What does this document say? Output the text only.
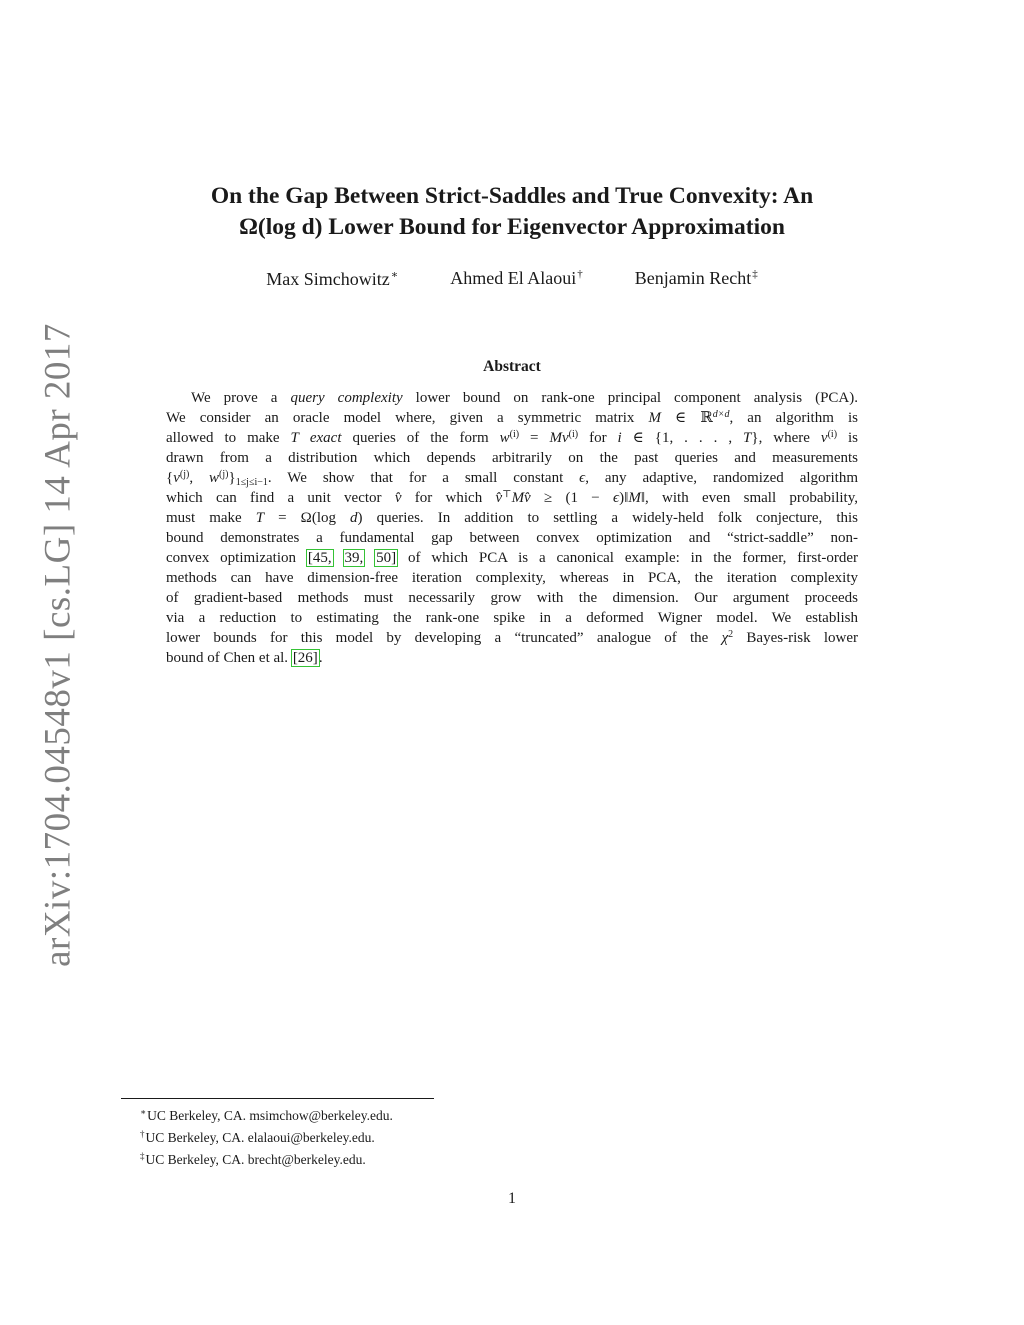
arXiv:1704.04548v1 [cs.LG] 14 Apr 2017
On the Gap Between Strict-Saddles and True Convexity: An
Ω(log d) Lower Bound for Eigenvector Approximation
Max Simchowitz∗	Ahmed El Alaoui†	Benjamin Recht‡
Abstract
We prove a query complexity lower bound on rank-one principal component analysis (PCA).
We consider an oracle model where, given a symmetric matrix M ∈ ℝ$^{d\times d}$, an algorithm is
allowed to make T exact queries of the form $w^{(i)} = Mv^{(i)}$ for i ∈ {1, . . . , T}, where $v^{(i)}$ is
drawn from a distribution which depends arbitrarily on the past queries and measurements
{$v^{(j)}$, $w^{(j)}\}_{1\le j\le i-1}$. We show that for a small constant ϵ, any adaptive, randomized algorithm
which can find a unit vector v̂ for which v̂⊤Mv̂ ≥ (1 − ϵ)‖M‖, with even small probability,
must make T = Ω(log d) queries. In addition to settling a widely-held folk conjecture, this
bound demonstrates a fundamental gap between convex optimization and “strict-saddle” non-
convex optimization [45, 39, 50] of which PCA is a canonical example: in the former, first-order
methods can have dimension-free iteration complexity, whereas in PCA, the iteration complexity
of gradient-based methods must necessarily grow with the dimension. Our argument proceeds
via a reduction to estimating the rank-one spike in a deformed Wigner model. We establish
lower bounds for this model by developing a “truncated” analogue of the $\chi^2$ Bayes-risk lower
bound of Chen et al. [26].
∗UC Berkeley, CA. msimchow@berkeley.edu.
†UC Berkeley, CA. elalaoui@berkeley.edu.
‡UC Berkeley, CA. brecht@berkeley.edu.
1
